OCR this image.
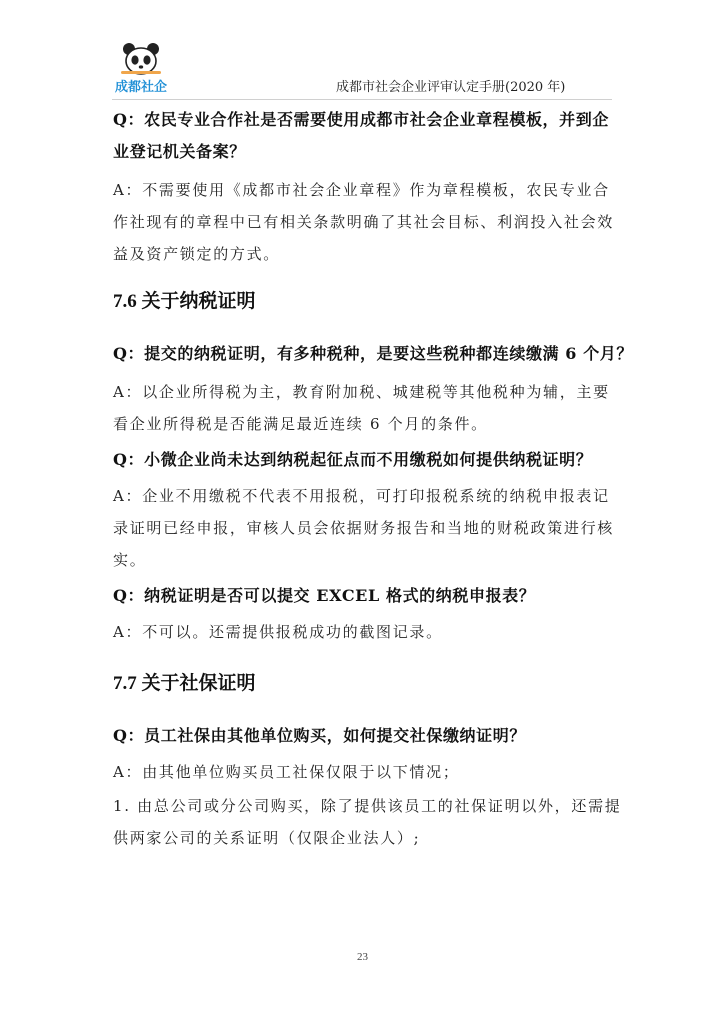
成都社企	成都市社会企业评审认定手册(2020 年)
Q：农民专业合作社是否需要使用成都市社会企业章程模板，并到企
业登记机关备案？
A：不需要使用《成都市社会企业章程》作为章程模板，农民专业合
作社现有的章程中已有相关条款明确了其社会目标、利润投入社会效
益及资产锁定的方式。
7.6 关于纳税证明
Q：提交的纳税证明，有多种税种，是要这些税种都连续缴满 6 个月？
A：以企业所得税为主，教育附加税、城建税等其他税种为辅，主要
看企业所得税是否能满足最近连续 6 个月的条件。
Q：小微企业尚未达到纳税起征点而不用缴税如何提供纳税证明？
A：企业不用缴税不代表不用报税，可打印报税系统的纳税申报表记
录证明已经申报，审核人员会依据财务报告和当地的财税政策进行核
实。
Q：纳税证明是否可以提交 EXCEL 格式的纳税申报表？
A：不可以。还需提供报税成功的截图记录。
7.7 关于社保证明
Q：员工社保由其他单位购买，如何提交社保缴纳证明？
A：由其他单位购买员工社保仅限于以下情况；
1. 由总公司或分公司购买，除了提供该员工的社保证明以外，还需提
供两家公司的关系证明（仅限企业法人）;
23
